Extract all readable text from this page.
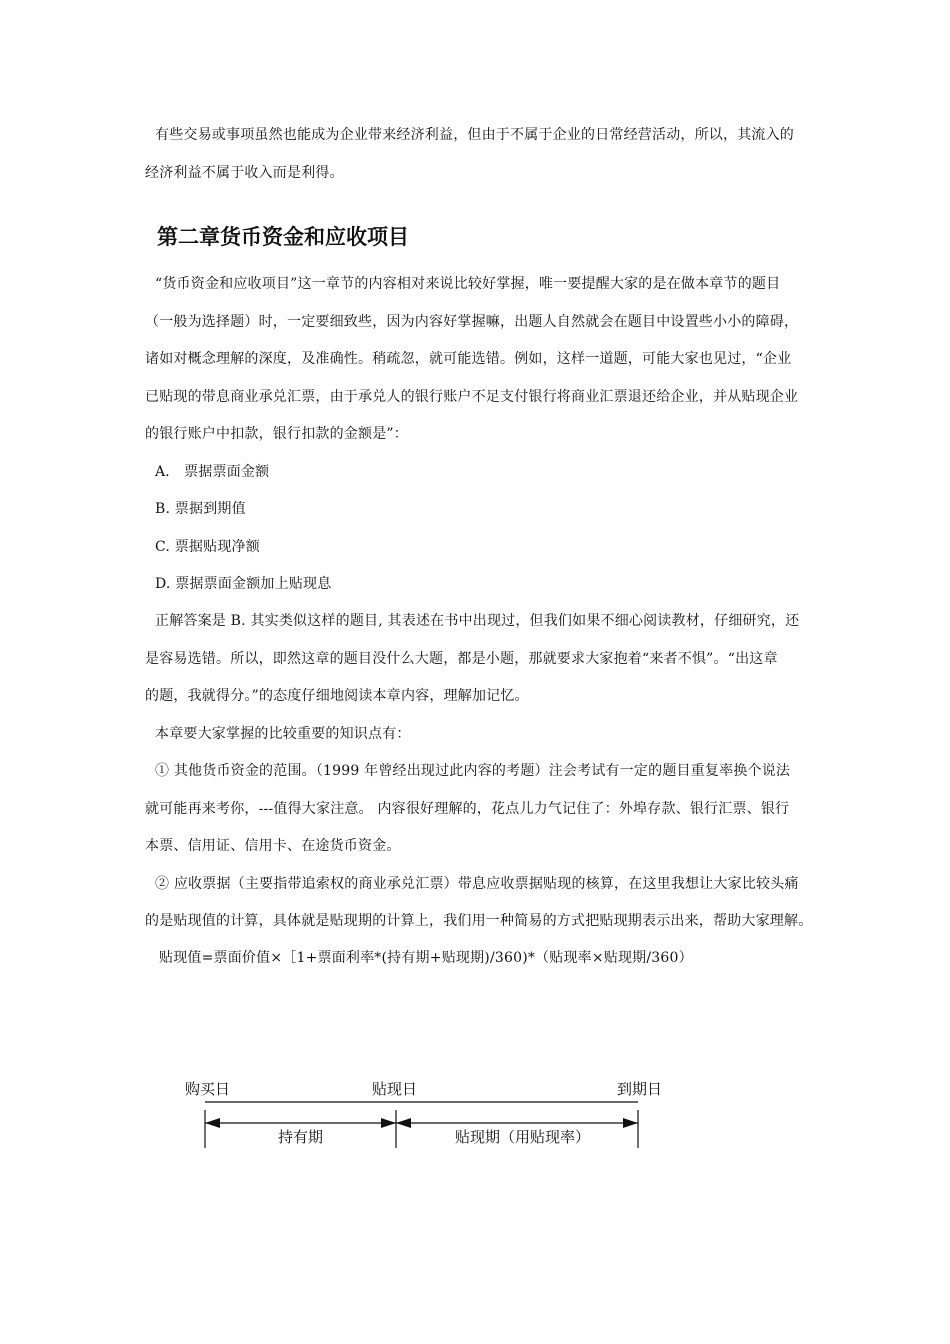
有些交易或事项虽然也能成为企业带来经济利益，但由于不属于企业的日常经营活动，所以，其流入的

经济利益不属于收入而是利得。

第二章货币资金和应收项目

“货币资金和应收项目”这一章节的内容相对来说比较好掌握，唯一要提醒大家的是在做本章节的题目

（一般为选择题）时，一定要细致些，因为内容好掌握嘛，出题人自然就会在题目中设置些小小的障碍，

诸如对概念理解的深度，及准确性。稍疏忽，就可能选错。例如，这样一道题，可能大家也见过，“企业

已贴现的带息商业承兑汇票，由于承兑人的银行账户不足支付银行将商业汇票退还给企业，并从贴现企业

的银行账户中扣款，银行扣款的金额是”：

A． 票据票面金额

B. 票据到期值

C. 票据贴现净额

D. 票据票面金额加上贴现息

正解答案是 B. 其实类似这样的题目, 其表述在书中出现过，但我们如果不细心阅读教材，仔细研究，还

是容易选错。所以，即然这章的题目没什么大题，都是小题，那就要求大家抱着“来者不惧”。“出这章

的题，我就得分。”的态度仔细地阅读本章内容，理解加记忆。

本章要大家掌握的比较重要的知识点有：

① 其他货币资金的范围。（1999 年曾经出现过此内容的考题）注会考试有一定的题目重复率换个说法

就可能再来考你，---值得大家注意。 内容很好理解的，花点儿力气记住了：外埠存款、银行汇票、银行

本票、信用证、信用卡、在途货币资金。

② 应收票据（主要指带追索权的商业承兑汇票）带息应收票据贴现的核算，在这里我想让大家比较头痛

的是贴现值的计算，具体就是贴现期的计算上，我们用一种简易的方式把贴现期表示出来，帮助大家理解。

贴现值=票面价值×［1+票面利率*(持有期+贴现期)/360)*（贴现率×贴现期/360）

购买日	贴现日	到期日
持有期	贴现期（用贴现率）
